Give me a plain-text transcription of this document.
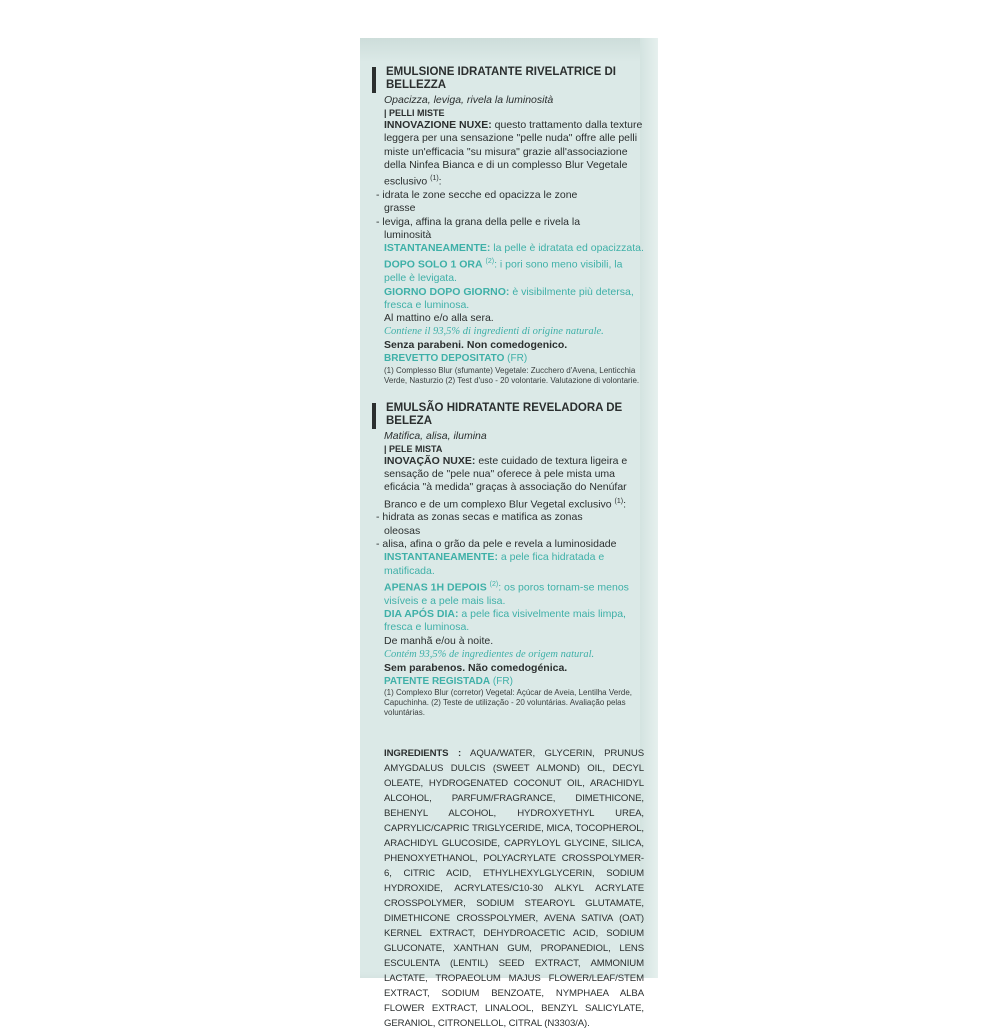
EMULSIONE IDRATANTE RIVELATRICE DI BELLEZZA
Opacizza, leviga, rivela la luminosità
| PELLI MISTE
INNOVAZIONE NUXE: questo trattamento dalla texture leggera per una sensazione "pelle nuda" offre alle pelli miste un'efficacia "su misura" grazie all'associazione della Ninfea Bianca e di un complesso Blur Vegetale esclusivo $^{(1)}$:
- idrata le zone secche ed opacizza le zone
grasse
- leviga, affina la grana della pelle e rivela la
luminosità
ISTANTANEAMENTE: la pelle è idratata ed opacizzata.
DOPO SOLO 1 ORA $^{(2)}$: i pori sono meno visibili, la pelle è levigata.
GIORNO DOPO GIORNO: è visibilmente più detersa, fresca e luminosa.
Al mattino e/o alla sera.
Contiene il 93,5% di ingredienti di origine naturale.
Senza parabeni. Non comedogenico.
BREVETTO DEPOSITATO (FR)
(1) Complesso Blur (sfumante) Vegetale: Zucchero d'Avena, Lenticchia Verde, Nasturzio (2) Test d'uso - 20 volontarie. Valutazione di volontarie.
EMULSÃO HIDRATANTE REVELADORA DE BELEZA
Matifica, alisa, ilumina
| PELE MISTA
INOVAÇÃO NUXE: este cuidado de textura ligeira e sensação de "pele nua" oferece à pele mista uma eficácia "à medida" graças à associação do Nenúfar Branco e de um complexo Blur Vegetal exclusivo $^{(1)}$:
- hidrata as zonas secas e matifica as zonas
oleosas
- alisa, afina o grão da pele e revela a luminosidade
INSTANTANEAMENTE: a pele fica hidratada e matificada.
APENAS 1H DEPOIS $^{(2)}$: os poros tornam-se menos visíveis e a pele mais lisa.
DIA APÓS DIA: a pele fica visivelmente mais limpa, fresca e luminosa.
De manhã e/ou à noite.
Contém 93,5% de ingredientes de origem natural.
Sem parabenos. Não comedogénica.
PATENTE REGISTADA (FR)
(1) Complexo Blur (corretor) Vegetal: Açúcar de Aveia, Lentilha Verde, Capuchinha. (2) Teste de utilização - 20 voluntárias. Avaliação pelas voluntárias.
INGREDIENTS : AQUA/WATER, GLYCERIN, PRUNUS AMYGDALUS DULCIS (SWEET ALMOND) OIL, DECYL OLEATE, HYDROGENATED COCONUT OIL, ARACHIDYL ALCOHOL, PARFUM/FRAGRANCE, DIMETHICONE, BEHENYL ALCOHOL, HYDROXYETHYL UREA, CAPRYLIC/CAPRIC TRIGLYCERIDE, MICA, TOCOPHEROL, ARACHIDYL GLUCOSIDE, CAPRYLOYL GLYCINE, SILICA, PHENOXYETHANOL, POLYACRYLATE CROSSPOLYMER-6, CITRIC ACID, ETHYLHEXYLGLYCERIN, SODIUM HYDROXIDE, ACRYLATES/C10-30 ALKYL ACRYLATE CROSSPOLYMER, SODIUM STEAROYL GLUTAMATE, DIMETHICONE CROSSPOLYMER, AVENA SATIVA (OAT) KERNEL EXTRACT, DEHYDROACETIC ACID, SODIUM GLUCONATE, XANTHAN GUM, PROPANEDIOL, LENS ESCULENTA (LENTIL) SEED EXTRACT, AMMONIUM LACTATE, TROPAEOLUM MAJUS FLOWER/LEAF/STEM EXTRACT, SODIUM BENZOATE, NYMPHAEA ALBA FLOWER EXTRACT, LINALOOL, BENZYL SALICYLATE, GERANIOL, CITRONELLOL, CITRAL (N3303/A).
